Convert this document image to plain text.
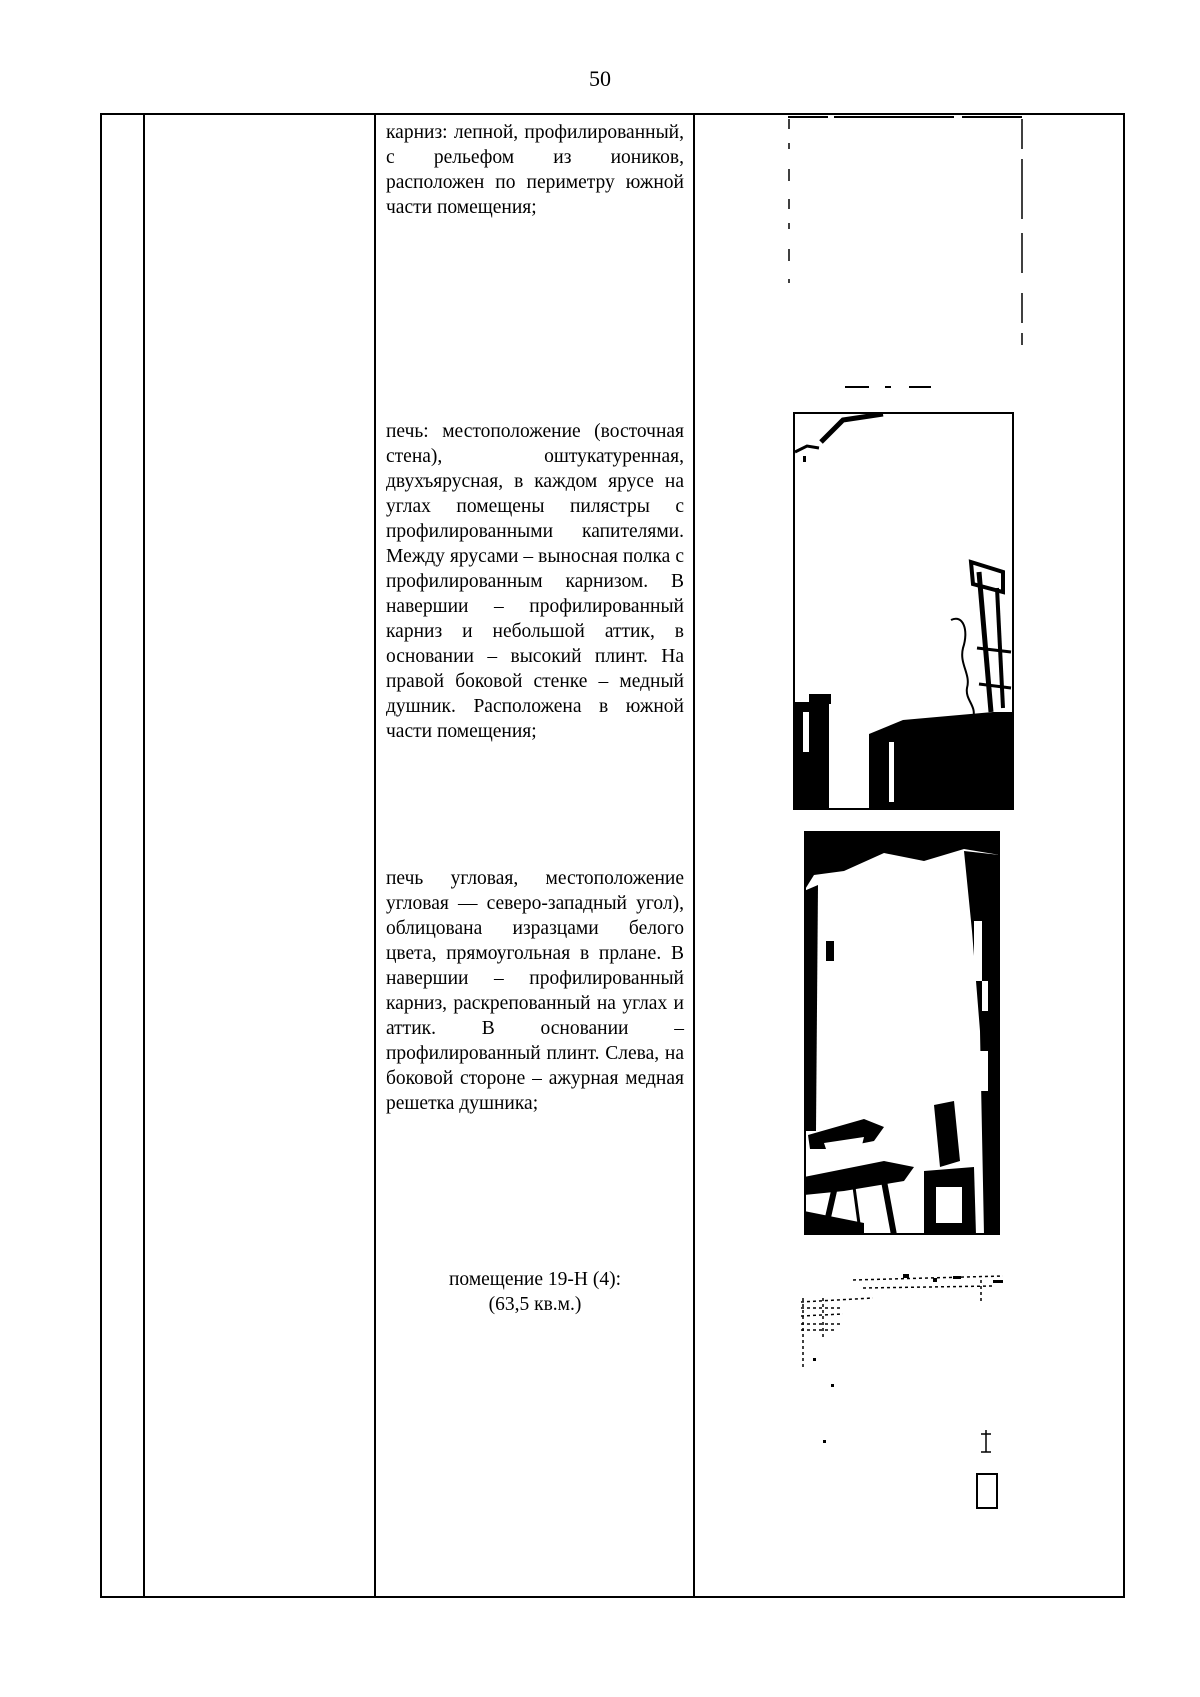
50
карниз: лепной, профилированный, с рельефом из иоников, расположен по периметру южной части помещения;
печь: местоположение (восточная стена), оштукатуренная, двухъярусная, в каждом ярусе на углах помещены пилястры с профилированными капителями. Между ярусами – выносная полка с профилированным карнизом. В навершии – профилированный карниз и небольшой аттик, в основании – высокий плинт. На правой боковой стенке – медный душник. Расположена в южной части помещения;
печь угловая, местоположение угловая — северо-западный угол), облицована изразцами белого цвета, прямоугольная в прлане. В навершии – профилированный карниз, раскрепованный на углах и аттик. В основании – профилированный плинт. Слева, на боковой стороне – ажурная медная решетка душника;
помещение 19-Н (4):
(63,5 кв.м.)
